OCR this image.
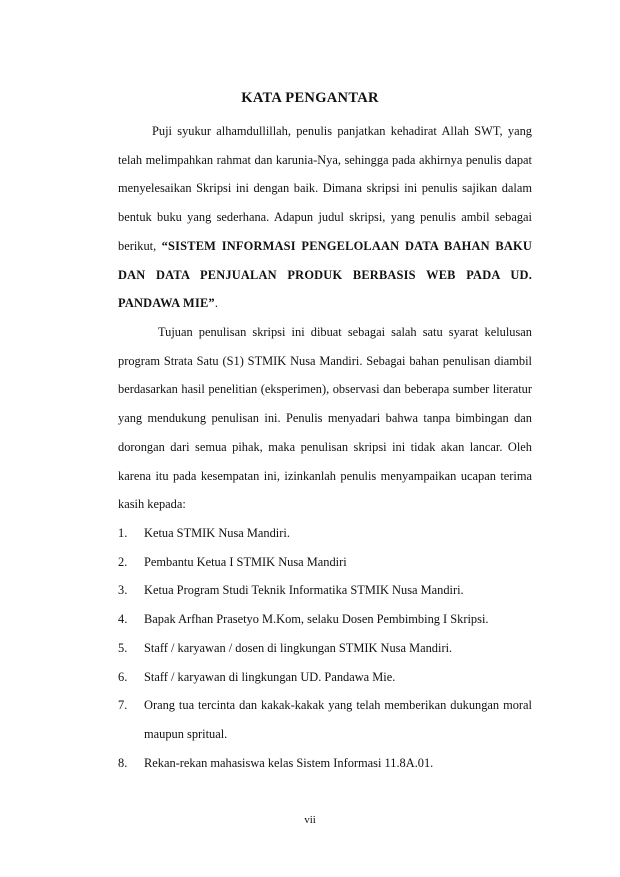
KATA PENGANTAR
Puji syukur alhamdullillah, penulis panjatkan kehadirat Allah SWT, yang telah melimpahkan rahmat dan karunia-Nya, sehingga pada akhirnya penulis dapat menyelesaikan Skripsi ini dengan baik. Dimana skripsi ini penulis sajikan dalam bentuk buku yang sederhana. Adapun judul skripsi, yang penulis ambil sebagai berikut, “SISTEM INFORMASI PENGELOLAAN DATA BAHAN BAKU DAN DATA PENJUALAN PRODUK BERBASIS WEB PADA UD. PANDAWA MIE”.
Tujuan penulisan skripsi ini dibuat sebagai salah satu syarat kelulusan program Strata Satu (S1) STMIK Nusa Mandiri. Sebagai bahan penulisan diambil berdasarkan hasil penelitian (eksperimen), observasi dan beberapa sumber literatur yang mendukung penulisan ini. Penulis menyadari bahwa tanpa bimbingan dan dorongan dari semua pihak, maka penulisan skripsi ini tidak akan lancar. Oleh karena itu pada kesempatan ini, izinkanlah penulis menyampaikan ucapan terima kasih kepada:
1. Ketua STMIK Nusa Mandiri.
2. Pembantu Ketua I STMIK Nusa Mandiri
3. Ketua Program Studi Teknik Informatika STMIK Nusa Mandiri.
4. Bapak Arfhan Prasetyo M.Kom, selaku Dosen Pembimbing I Skripsi.
5. Staff / karyawan / dosen di lingkungan STMIK Nusa Mandiri.
6. Staff / karyawan di lingkungan UD. Pandawa Mie.
7. Orang tua tercinta dan kakak-kakak yang telah memberikan dukungan moral maupun spritual.
8. Rekan-rekan mahasiswa kelas Sistem Informasi 11.8A.01.
vii
